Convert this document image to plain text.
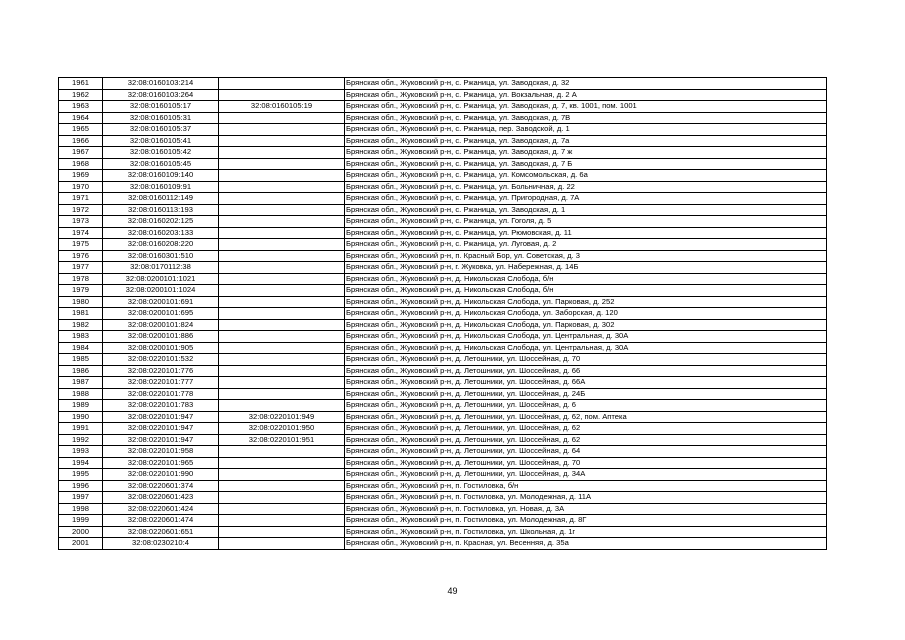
1961	32:08:0160103:214		Брянская обл., Жуковский р-н, с. Ржаница, ул. Заводская, д. 32
1962	32:08:0160103:264		Брянская обл., Жуковский р-н, с. Ржаница, ул. Вокзальная, д. 2 А
1963	32:08:0160105:17	32:08:0160105:19	Брянская обл., Жуковский р-н, с. Ржаница, ул. Заводская, д. 7, кв. 1001, пом. 1001
1964	32:08:0160105:31		Брянская обл., Жуковский р-н, с. Ржаница, ул. Заводская, д. 7В
1965	32:08:0160105:37		Брянская обл., Жуковский р-н, с. Ржаница, пер. Заводской, д. 1
1966	32:08:0160105:41		Брянская обл., Жуковский р-н, с. Ржаница, ул. Заводская, д. 7а
1967	32:08:0160105:42		Брянская обл., Жуковский р-н, с. Ржаница, ул. Заводская, д. 7 ж
1968	32:08:0160105:45		Брянская обл., Жуковский р-н, с. Ржаница, ул. Заводская, д. 7 Б
1969	32:08:0160109:140		Брянская обл., Жуковский р-н, с. Ржаница, ул. Комсомольская, д. 6а
1970	32:08:0160109:91		Брянская обл., Жуковский р-н, с. Ржаница, ул. Больничная, д. 22
1971	32:08:0160112:149		Брянская обл., Жуковский р-н, с. Ржаница, ул. Пригородная, д. 7А
1972	32:08:0160113:193		Брянская обл., Жуковский р-н, с. Ржаница, ул. Заводская, д. 1
1973	32:08:0160202:125		Брянская обл., Жуковский р-н, с. Ржаница, ул. Гоголя, д. 5
1974	32:08:0160203:133		Брянская обл., Жуковский р-н, с. Ржаница, ул. Рюмовская, д. 11
1975	32:08:0160208:220		Брянская обл., Жуковский р-н, с. Ржаница, ул. Луговая, д. 2
1976	32:08:0160301:510		Брянская обл., Жуковский р-н, п. Красный Бор, ул. Советская, д. 3
1977	32:08:0170112:38		Брянская обл., Жуковский р-н, г. Жуковка, ул. Набережная, д. 14Б
1978	32:08:0200101:1021		Брянская обл., Жуковский р-н, д. Никольская Слобода, б/н
1979	32:08:0200101:1024		Брянская обл., Жуковский р-н, д. Никольская Слобода, б/н
1980	32:08:0200101:691		Брянская обл., Жуковский р-н, д. Никольская Слобода, ул. Парковая, д. 252
1981	32:08:0200101:695		Брянская обл., Жуковский р-н, д. Никольская Слобода, ул. Заборская, д. 120
1982	32:08:0200101:824		Брянская обл., Жуковский р-н, д. Никольская Слобода, ул. Парковая, д. 302
1983	32:08:0200101:886		Брянская обл., Жуковский р-н, д. Никольская Слобода, ул. Центральная, д. 30А
1984	32:08:0200101:905		Брянская обл., Жуковский р-н, д. Никольская Слобода, ул. Центральная, д. 30А
1985	32:08:0220101:532		Брянская обл., Жуковский р-н, д. Летошники, ул. Шоссейная, д. 70
1986	32:08:0220101:776		Брянская обл., Жуковский р-н, д. Летошники, ул. Шоссейная, д. 66
1987	32:08:0220101:777		Брянская обл., Жуковский р-н, д. Летошники, ул. Шоссейная, д. 66А
1988	32:08:0220101:778		Брянская обл., Жуковский р-н, д. Летошники, ул. Шоссейная, д. 24Б
1989	32:08:0220101:783		Брянская обл., Жуковский р-н, д. Летошники, ул. Шоссейная, д. 6
1990	32:08:0220101:947	32:08:0220101:949	Брянская обл., Жуковский р-н, д. Летошники, ул. Шоссейная, д. 62, пом. Аптека
1991	32:08:0220101:947	32:08:0220101:950	Брянская обл., Жуковский р-н, д. Летошники, ул. Шоссейная, д. 62
1992	32:08:0220101:947	32:08:0220101:951	Брянская обл., Жуковский р-н, д. Летошники, ул. Шоссейная, д. 62
1993	32:08:0220101:958		Брянская обл., Жуковский р-н, д. Летошники, ул. Шоссейная, д. 64
1994	32:08:0220101:965		Брянская обл., Жуковский р-н, д. Летошники, ул. Шоссейная, д. 70
1995	32:08:0220101:990		Брянская обл., Жуковский р-н, д. Летошники, ул. Шоссейная, д. 34А
1996	32:08:0220601:374		Брянская обл., Жуковский р-н, п. Гостиловка, б/н
1997	32:08:0220601:423		Брянская обл., Жуковский р-н, п. Гостиловка, ул. Молодежная, д. 11А
1998	32:08:0220601:424		Брянская обл., Жуковский р-н, п. Гостиловка, ул. Новая, д. 3А
1999	32:08:0220601:474		Брянская обл., Жуковский р-н, п. Гостиловка, ул. Молодежная, д. 8Г
2000	32:08:0220601:651		Брянская обл., Жуковский р-н, п. Гостиловка, ул. Школьная, д. 1г
2001	32:08:0230210:4		Брянская обл., Жуковский р-н, п. Красная, ул. Весенняя, д. 35а
49
